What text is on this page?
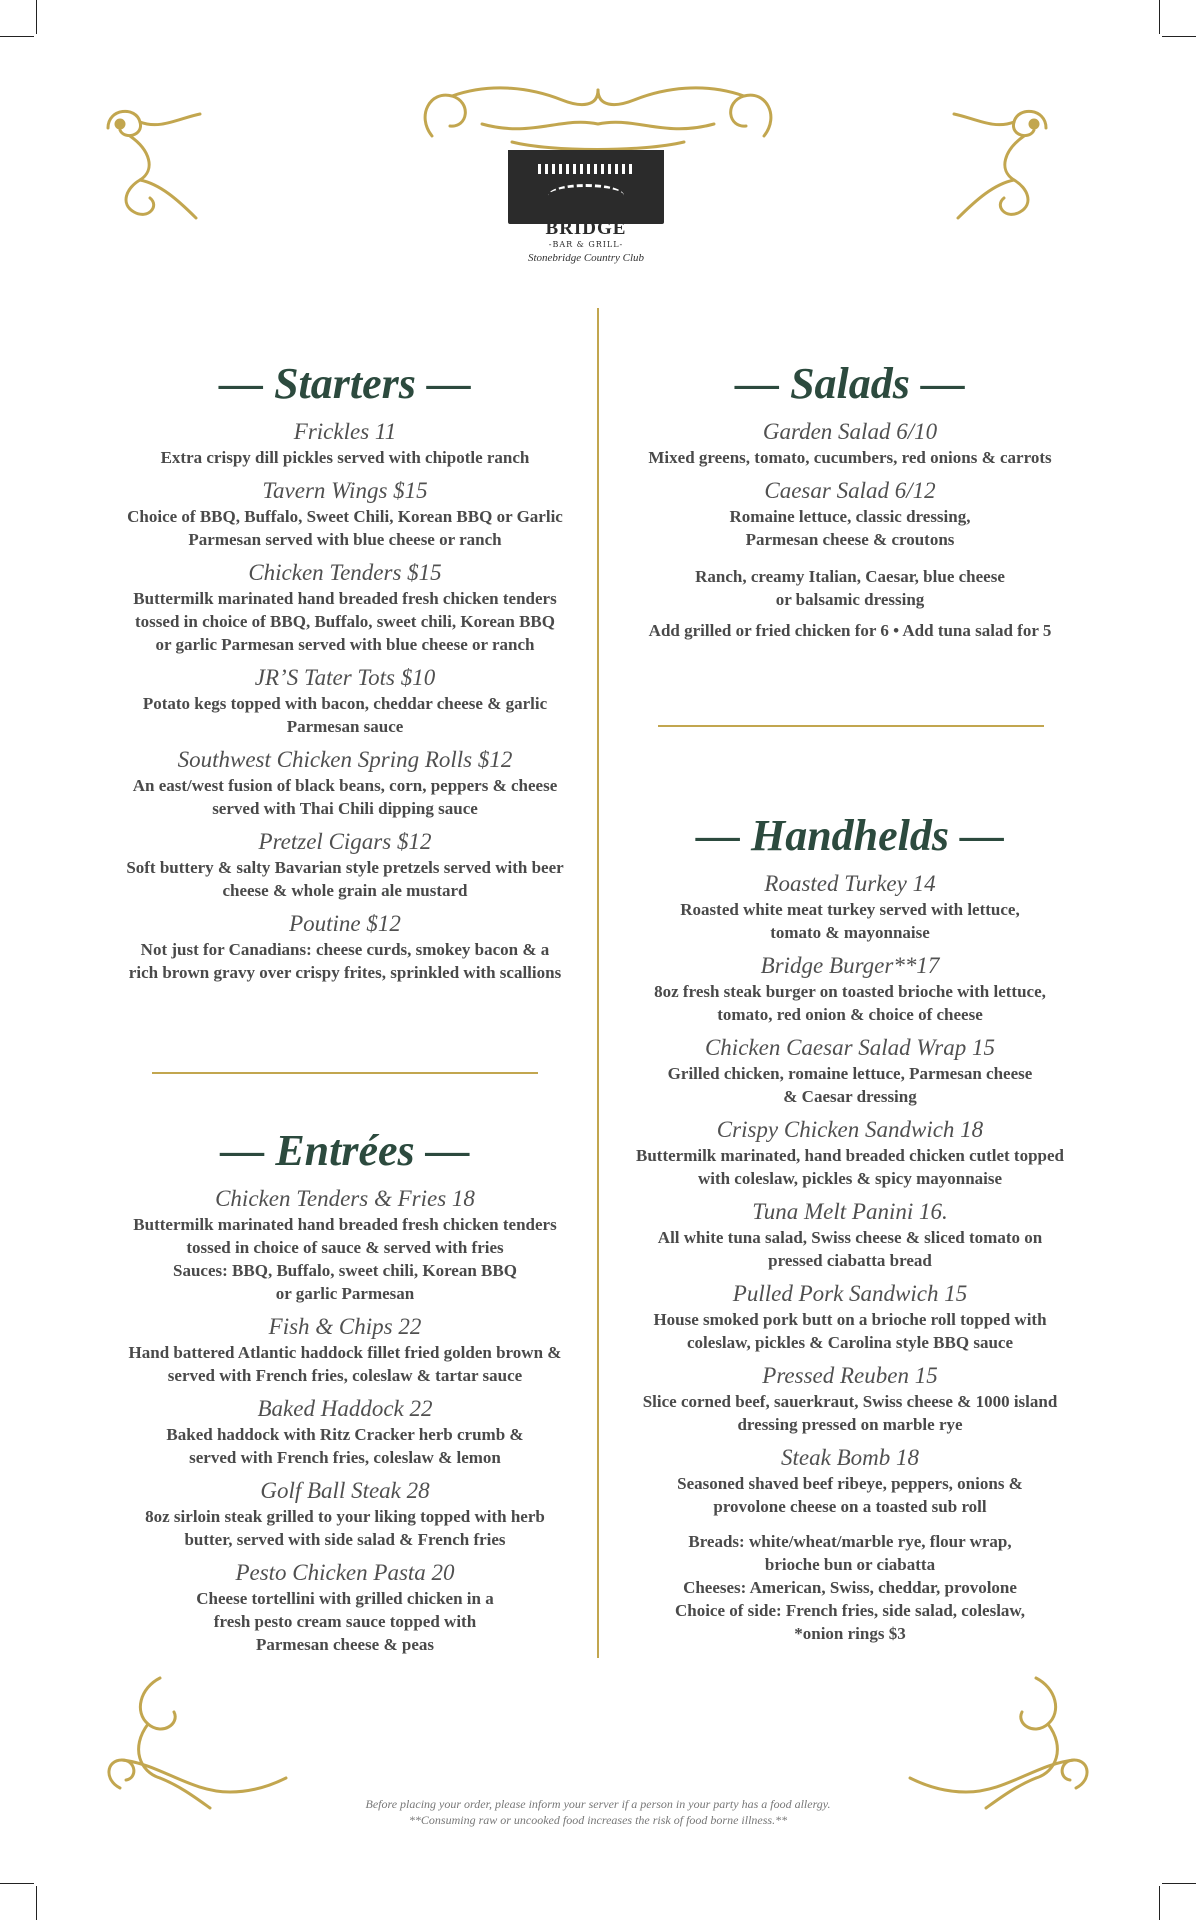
BRIDGE
-BAR & GRILL-
Stonebridge Country Club
— Starters —
Frickles 11
Extra crispy dill pickles served with chipotle ranch
Tavern Wings $15
Choice of BBQ, Buffalo, Sweet Chili, Korean BBQ or Garlic
Parmesan served with blue cheese or ranch
Chicken Tenders $15
Buttermilk marinated hand breaded fresh chicken tenders
tossed in choice of BBQ, Buffalo, sweet chili, Korean BBQ
or garlic Parmesan served with blue cheese or ranch
JR’S Tater Tots $10
Potato kegs topped with bacon, cheddar cheese & garlic
Parmesan sauce
Southwest Chicken Spring Rolls $12
An east/west fusion of black beans, corn, peppers & cheese
served with Thai Chili dipping sauce
Pretzel Cigars $12
Soft buttery & salty Bavarian style pretzels served with beer
cheese & whole grain ale mustard
Poutine $12
Not just for Canadians: cheese curds, smokey bacon & a
rich brown gravy over crispy frites, sprinkled with scallions
— Entrées —
Chicken Tenders & Fries 18
Buttermilk marinated hand breaded fresh chicken tenders
tossed in choice of sauce & served with fries
Sauces: BBQ, Buffalo, sweet chili, Korean BBQ
or garlic Parmesan
Fish & Chips 22
Hand battered Atlantic haddock fillet fried golden brown &
served with French fries, coleslaw & tartar sauce
Baked Haddock 22
Baked haddock with Ritz Cracker herb crumb &
served with French fries, coleslaw & lemon
Golf Ball Steak 28
8oz sirloin steak grilled to your liking topped with herb
butter, served with side salad & French fries
Pesto Chicken Pasta 20
Cheese tortellini with grilled chicken in a
fresh pesto cream sauce topped with
Parmesan cheese & peas
— Salads —
Garden Salad 6/10
Mixed greens, tomato, cucumbers, red onions & carrots
Caesar Salad 6/12
Romaine lettuce, classic dressing,
Parmesan cheese & croutons
Ranch, creamy Italian, Caesar, blue cheese
or balsamic dressing
Add grilled or fried chicken for 6 • Add tuna salad for 5
— Handhelds —
Roasted Turkey 14
Roasted white meat turkey served with lettuce,
tomato & mayonnaise
Bridge Burger**17
8oz fresh steak burger on toasted brioche with lettuce,
tomato, red onion & choice of cheese
Chicken Caesar Salad Wrap 15
Grilled chicken, romaine lettuce, Parmesan cheese
& Caesar dressing
Crispy Chicken Sandwich 18
Buttermilk marinated, hand breaded chicken cutlet topped
with coleslaw, pickles & spicy mayonnaise
Tuna Melt Panini 16.
All white tuna salad, Swiss cheese & sliced tomato on
pressed ciabatta bread
Pulled Pork Sandwich 15
House smoked pork butt on a brioche roll topped with
coleslaw, pickles & Carolina style BBQ sauce
Pressed Reuben 15
Slice corned beef, sauerkraut, Swiss cheese & 1000 island
dressing pressed on marble rye
Steak Bomb 18
Seasoned shaved beef ribeye, peppers, onions &
provolone cheese on a toasted sub roll
Breads: white/wheat/marble rye, flour wrap,
brioche bun or ciabatta
Cheeses: American, Swiss, cheddar, provolone
Choice of side: French fries, side salad, coleslaw,
*onion rings $3
Before placing your order, please inform your server if a person in your party has a food allergy.
**Consuming raw or uncooked food increases the risk of food borne illness.**
